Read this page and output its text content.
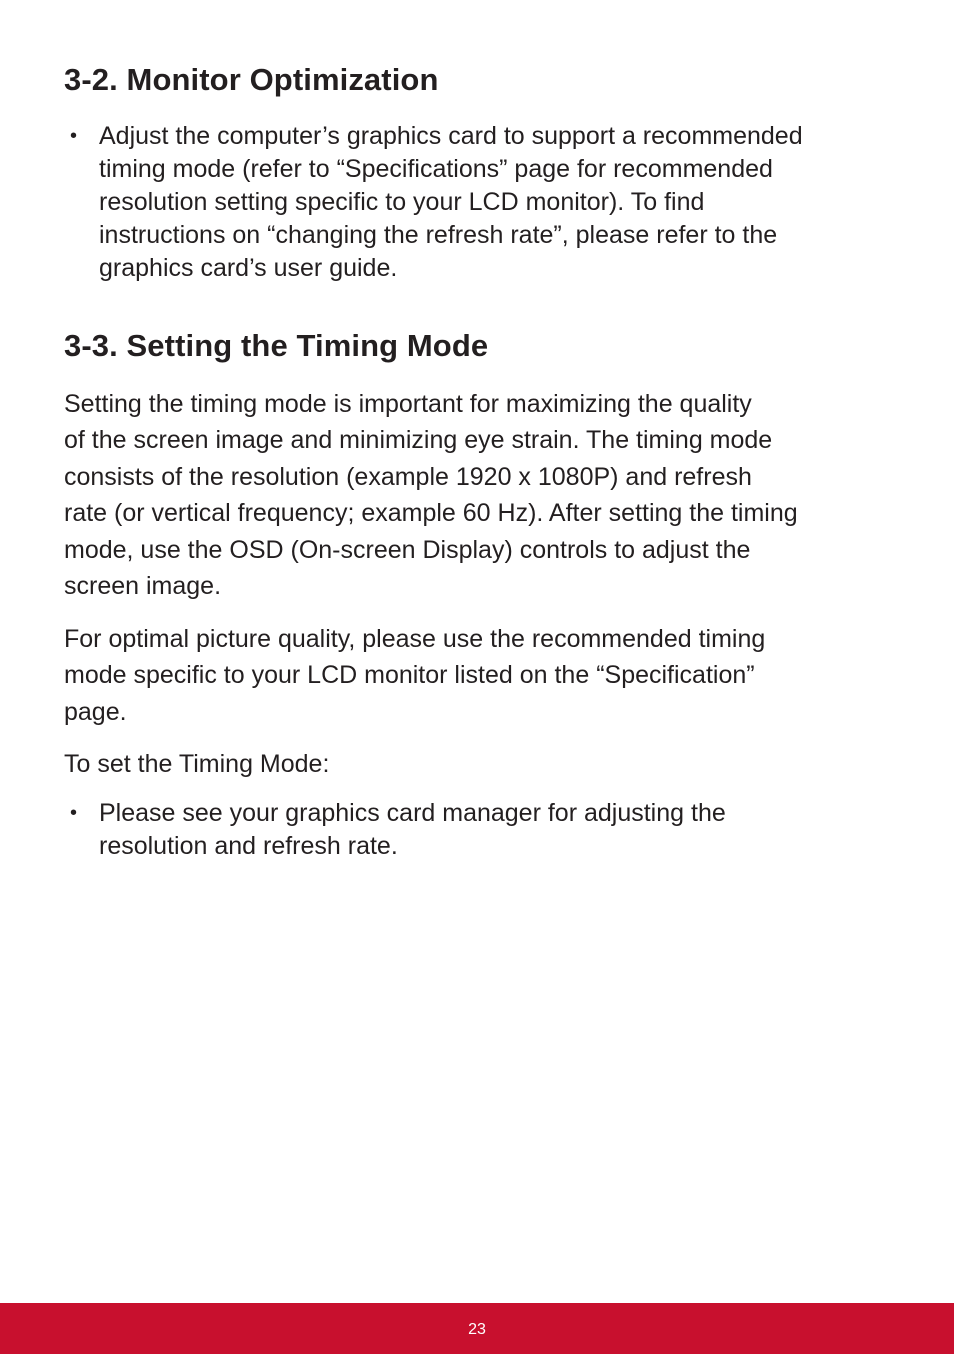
3-2. Monitor Optimization
• Adjust the computer’s graphics card to support a recommended
timing mode (refer to “Specifications” page for recommended
resolution setting specific to your LCD monitor). To find
instructions on “changing the refresh rate”, please refer to the
graphics card’s user guide.

3-3. Setting the Timing Mode

Setting the timing mode is important for maximizing the quality
of the screen image and minimizing eye strain. The timing mode
consists of the resolution (example 1920 x 1080P) and refresh
rate (or vertical frequency; example 60 Hz). After setting the timing
mode, use the OSD (On-screen Display) controls to adjust the
screen image.

For optimal picture quality, please use the recommended timing
mode specific to your LCD monitor listed on the “Specification”
page.

To set the Timing Mode:

• Please see your graphics card manager for adjusting the
resolution and refresh rate.

23
